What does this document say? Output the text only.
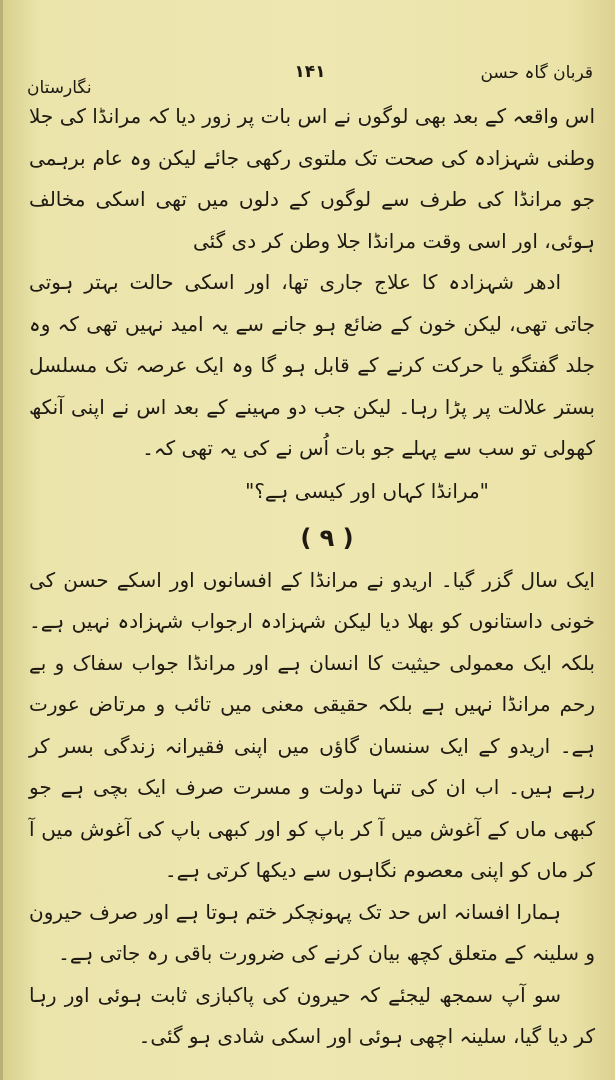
قربان گاہ حسن
۱۴۱
نگارستان

اس واقعہ کے بعد بھی لوگوں نے اس بات پر زور دیا کہ مرانڈا کی جلا وطنی شہزادہ کی صحت تک ملتوی رکھی جائے لیکن وہ عام برہمی جو مرانڈا کی طرف سے لوگوں کے دلوں میں تھی اسکی مخالف ہوئی، اور اسی وقت مرانڈا جلا وطن کر دی گئی

ادھر شہزادہ کا علاج جاری تھا، اور اسکی حالت بہتر ہوتی جاتی تھی، لیکن خون کے ضائع ہو جانے سے یہ امید نہیں تھی کہ وہ جلد گفتگو یا حرکت کرنے کے قابل ہو گا وہ ایک عرصہ تک مسلسل بستر علالت پر پڑا رہا۔ لیکن جب دو مہینے کے بعد اس نے اپنی آنکھ کھولی تو سب سے پہلے جو بات اُس نے کی یہ تھی کہ۔

"مرانڈا کہاں اور کیسی ہے؟"

( ۹ )

ایک سال گزر گیا۔ اریدو نے مرانڈا کے افسانوں اور اسکے حسن کی خونی داستانوں کو بھلا دیا لیکن شہزادہ ارجواب شہزادہ نہیں ہے۔ بلکہ ایک معمولی حیثیت کا انسان ہے اور مرانڈا جواب سفاک و بے رحم مرانڈا نہیں ہے بلکہ حقیقی معنی میں تائب و مرتاض عورت ہے۔ اریدو کے ایک سنسان گاؤں میں اپنی فقیرانہ زندگی بسر کر رہے ہیں۔ اب ان کی تنہا دولت و مسرت صرف ایک بچی ہے جو کبھی ماں کے آغوش میں آ کر باپ کو اور کبھی باپ کی آغوش میں آ کر ماں کو اپنی معصوم نگاہوں سے دیکھا کرتی ہے۔

ہمارا افسانہ اس حد تک پہونچکر ختم ہوتا ہے اور صرف حیرون و سلینہ کے متعلق کچھ بیان کرنے کی ضرورت باقی رہ جاتی ہے۔

سو آپ سمجھ لیجئے کہ حیرون کی پاکبازی ثابت ہوئی اور رہا کر دیا گیا، سلینہ اچھی ہوئی اور اسکی شادی ہو گئی۔
